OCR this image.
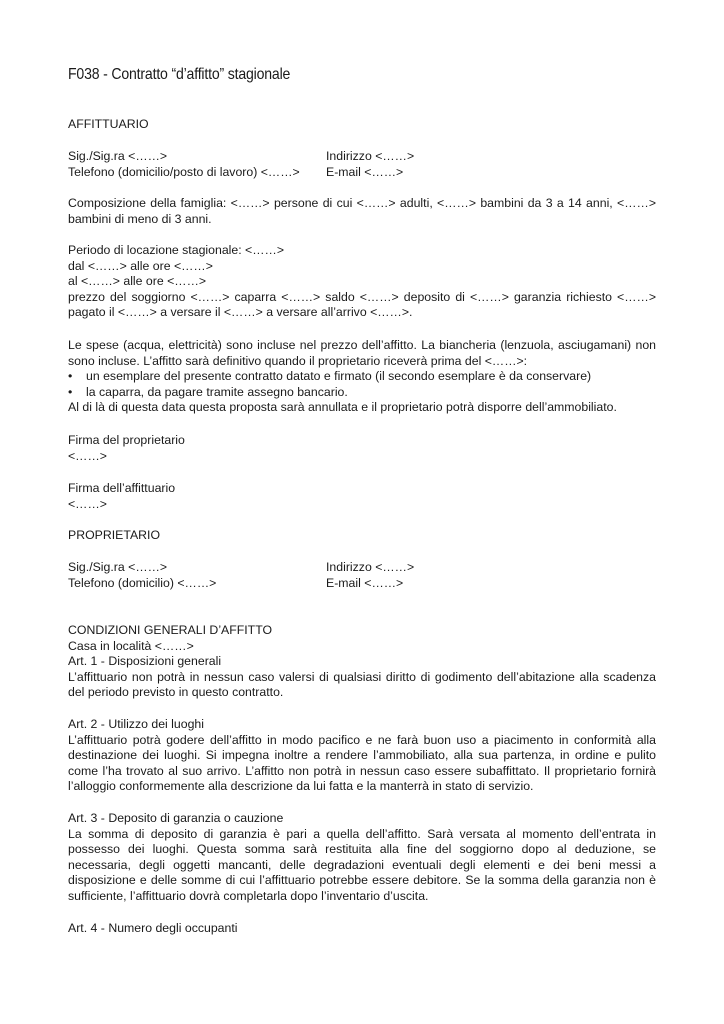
F038 - Contratto “d’affitto” stagionale
AFFITTUARIO
Sig./Sig.ra <……>	Indirizzo <……>
Telefono (domicilio/posto di lavoro) <……> E-mail <……>

Composizione della famiglia: <……> persone di cui <……> adulti, <……> bambini da 3 a 14 anni, <……> bambini di meno di 3 anni.

Periodo di locazione stagionale: <……>
dal <……> alle ore <……>
al <……> alle ore <……>

prezzo del soggiorno <……> caparra <……> saldo <……> deposito di <……> garanzia richiesto <……> pagato il <……> a versare il <……> a versare all’arrivo <……>.

Le spese (acqua, elettricità) sono incluse nel prezzo dell’affitto. La biancheria (lenzuola, asciugamani) non sono incluse. L’affitto sarà definitivo quando il proprietario riceverà prima del <……>:

• un esemplare del presente contratto datato e firmato (il secondo esemplare è da conservare)
• la caparra, da pagare tramite assegno bancario.
Al di là di questa data questa proposta sarà annullata e il proprietario potrà disporre dell’ammobiliato.
Firma del proprietario
<……>
Firma dell’affittuario
<……>
PROPRIETARIO
Sig./Sig.ra <……>	Indirizzo <……>
Telefono (domicilio) <……>	E-mail <……>
CONDIZIONI GENERALI D’AFFITTO
Casa in località <……>
Art. 1 - Disposizioni generali

L’affittuario non potrà in nessun caso valersi di qualsiasi diritto di godimento dell’abitazione alla scadenza del periodo previsto in questo contratto.

Art. 2 - Utilizzo dei luoghi

L’affittuario potrà godere dell’affitto in modo pacifico e ne farà buon uso a piacimento in conformità alla destinazione dei luoghi. Si impegna inoltre a rendere l’ammobiliato, alla sua partenza, in ordine e pulito come l’ha trovato al suo arrivo. L’affitto non potrà in nessun caso essere subaffittato. Il proprietario fornirà l’alloggio conformemente alla descrizione da lui fatta e la manterrà in stato di servizio.

Art. 3 - Deposito di garanzia o cauzione

La somma di deposito di garanzia è pari a quella dell’affitto. Sarà versata al momento dell’entrata in possesso dei luoghi. Questa somma sarà restituita alla fine del soggiorno dopo al deduzione, se necessaria, degli oggetti mancanti, delle degradazioni eventuali degli elementi e dei beni messi a disposizione e delle somme di cui l’affittuario potrebbe essere debitore. Se la somma della garanzia non è sufficiente, l’affittuario dovrà completarla dopo l’inventario d’uscita.

Art. 4 - Numero degli occupanti
